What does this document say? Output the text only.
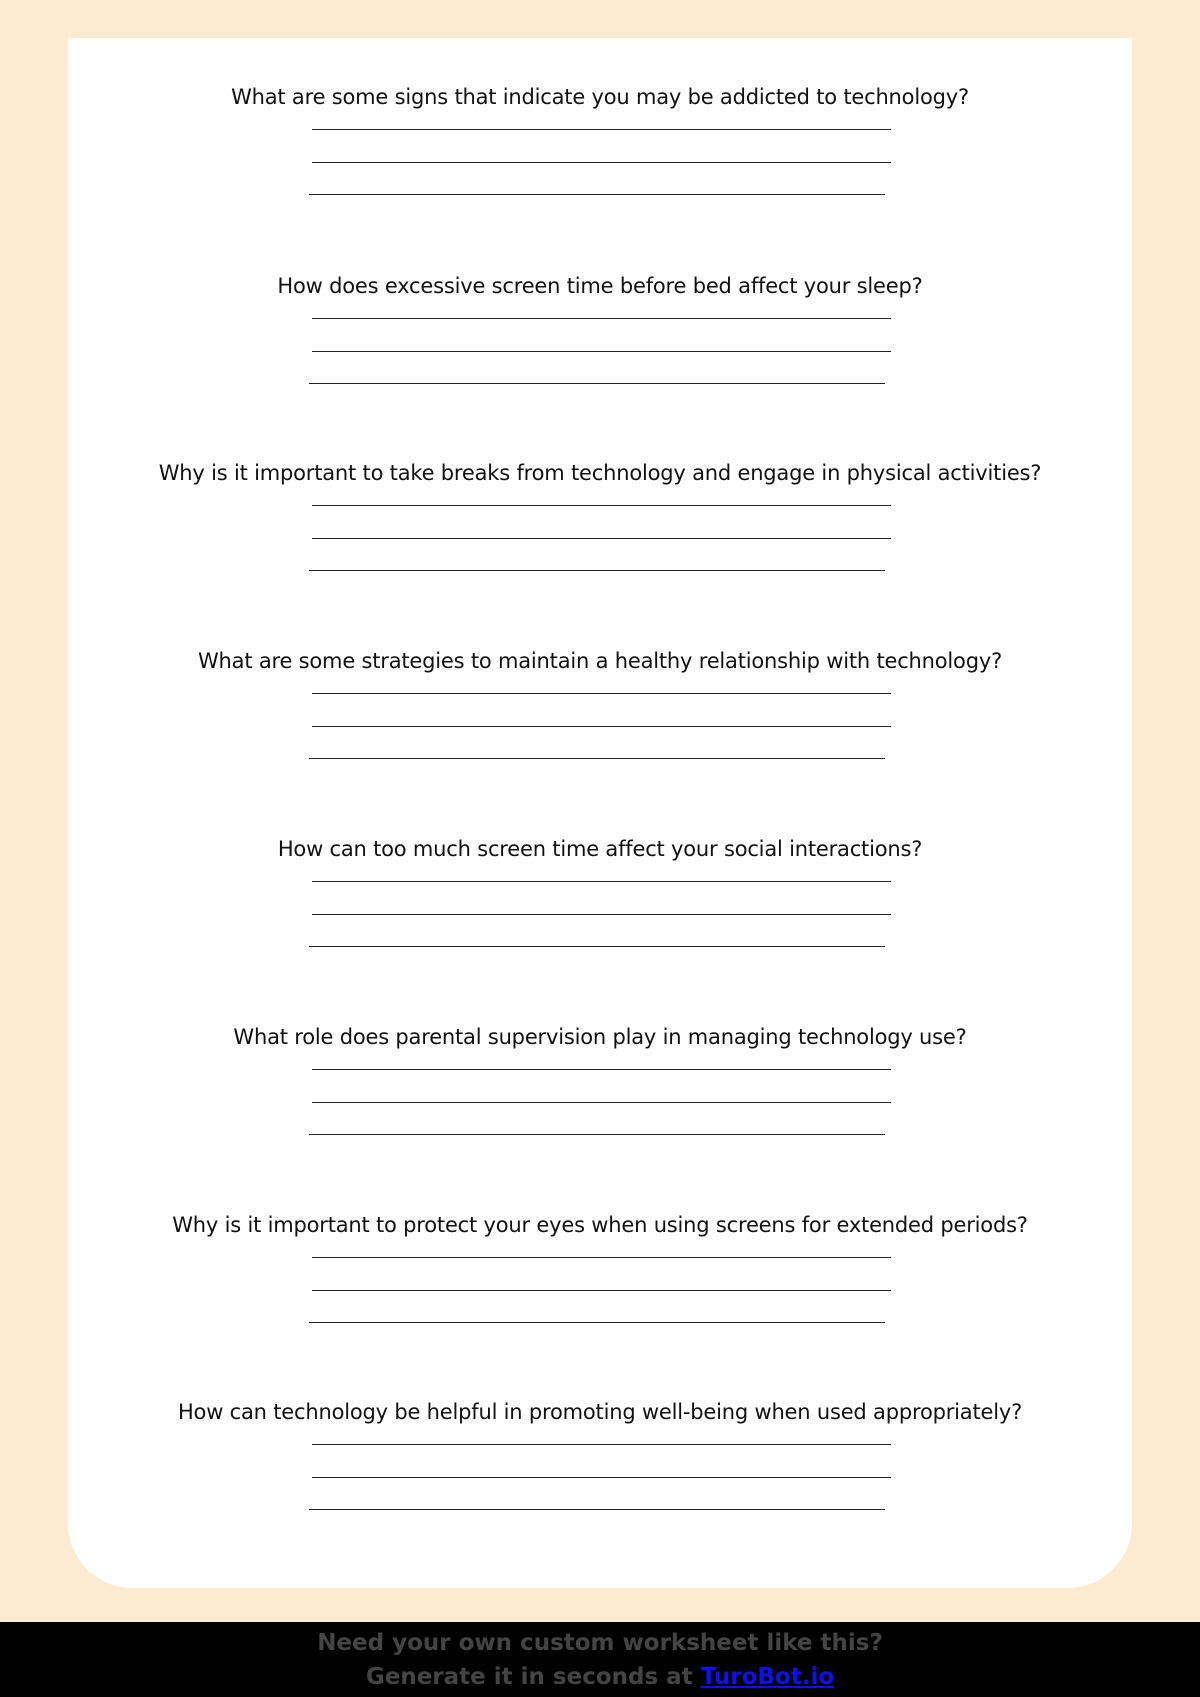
What are some signs that indicate you may be addicted to technology?
How does excessive screen time before bed affect your sleep?
Why is it important to take breaks from technology and engage in physical activities?
What are some strategies to maintain a healthy relationship with technology?
How can too much screen time affect your social interactions?
What role does parental supervision play in managing technology use?
Why is it important to protect your eyes when using screens for extended periods?
How can technology be helpful in promoting well-being when used appropriately?
Need your own custom worksheet like this?
Generate it in seconds at TuroBot.io
